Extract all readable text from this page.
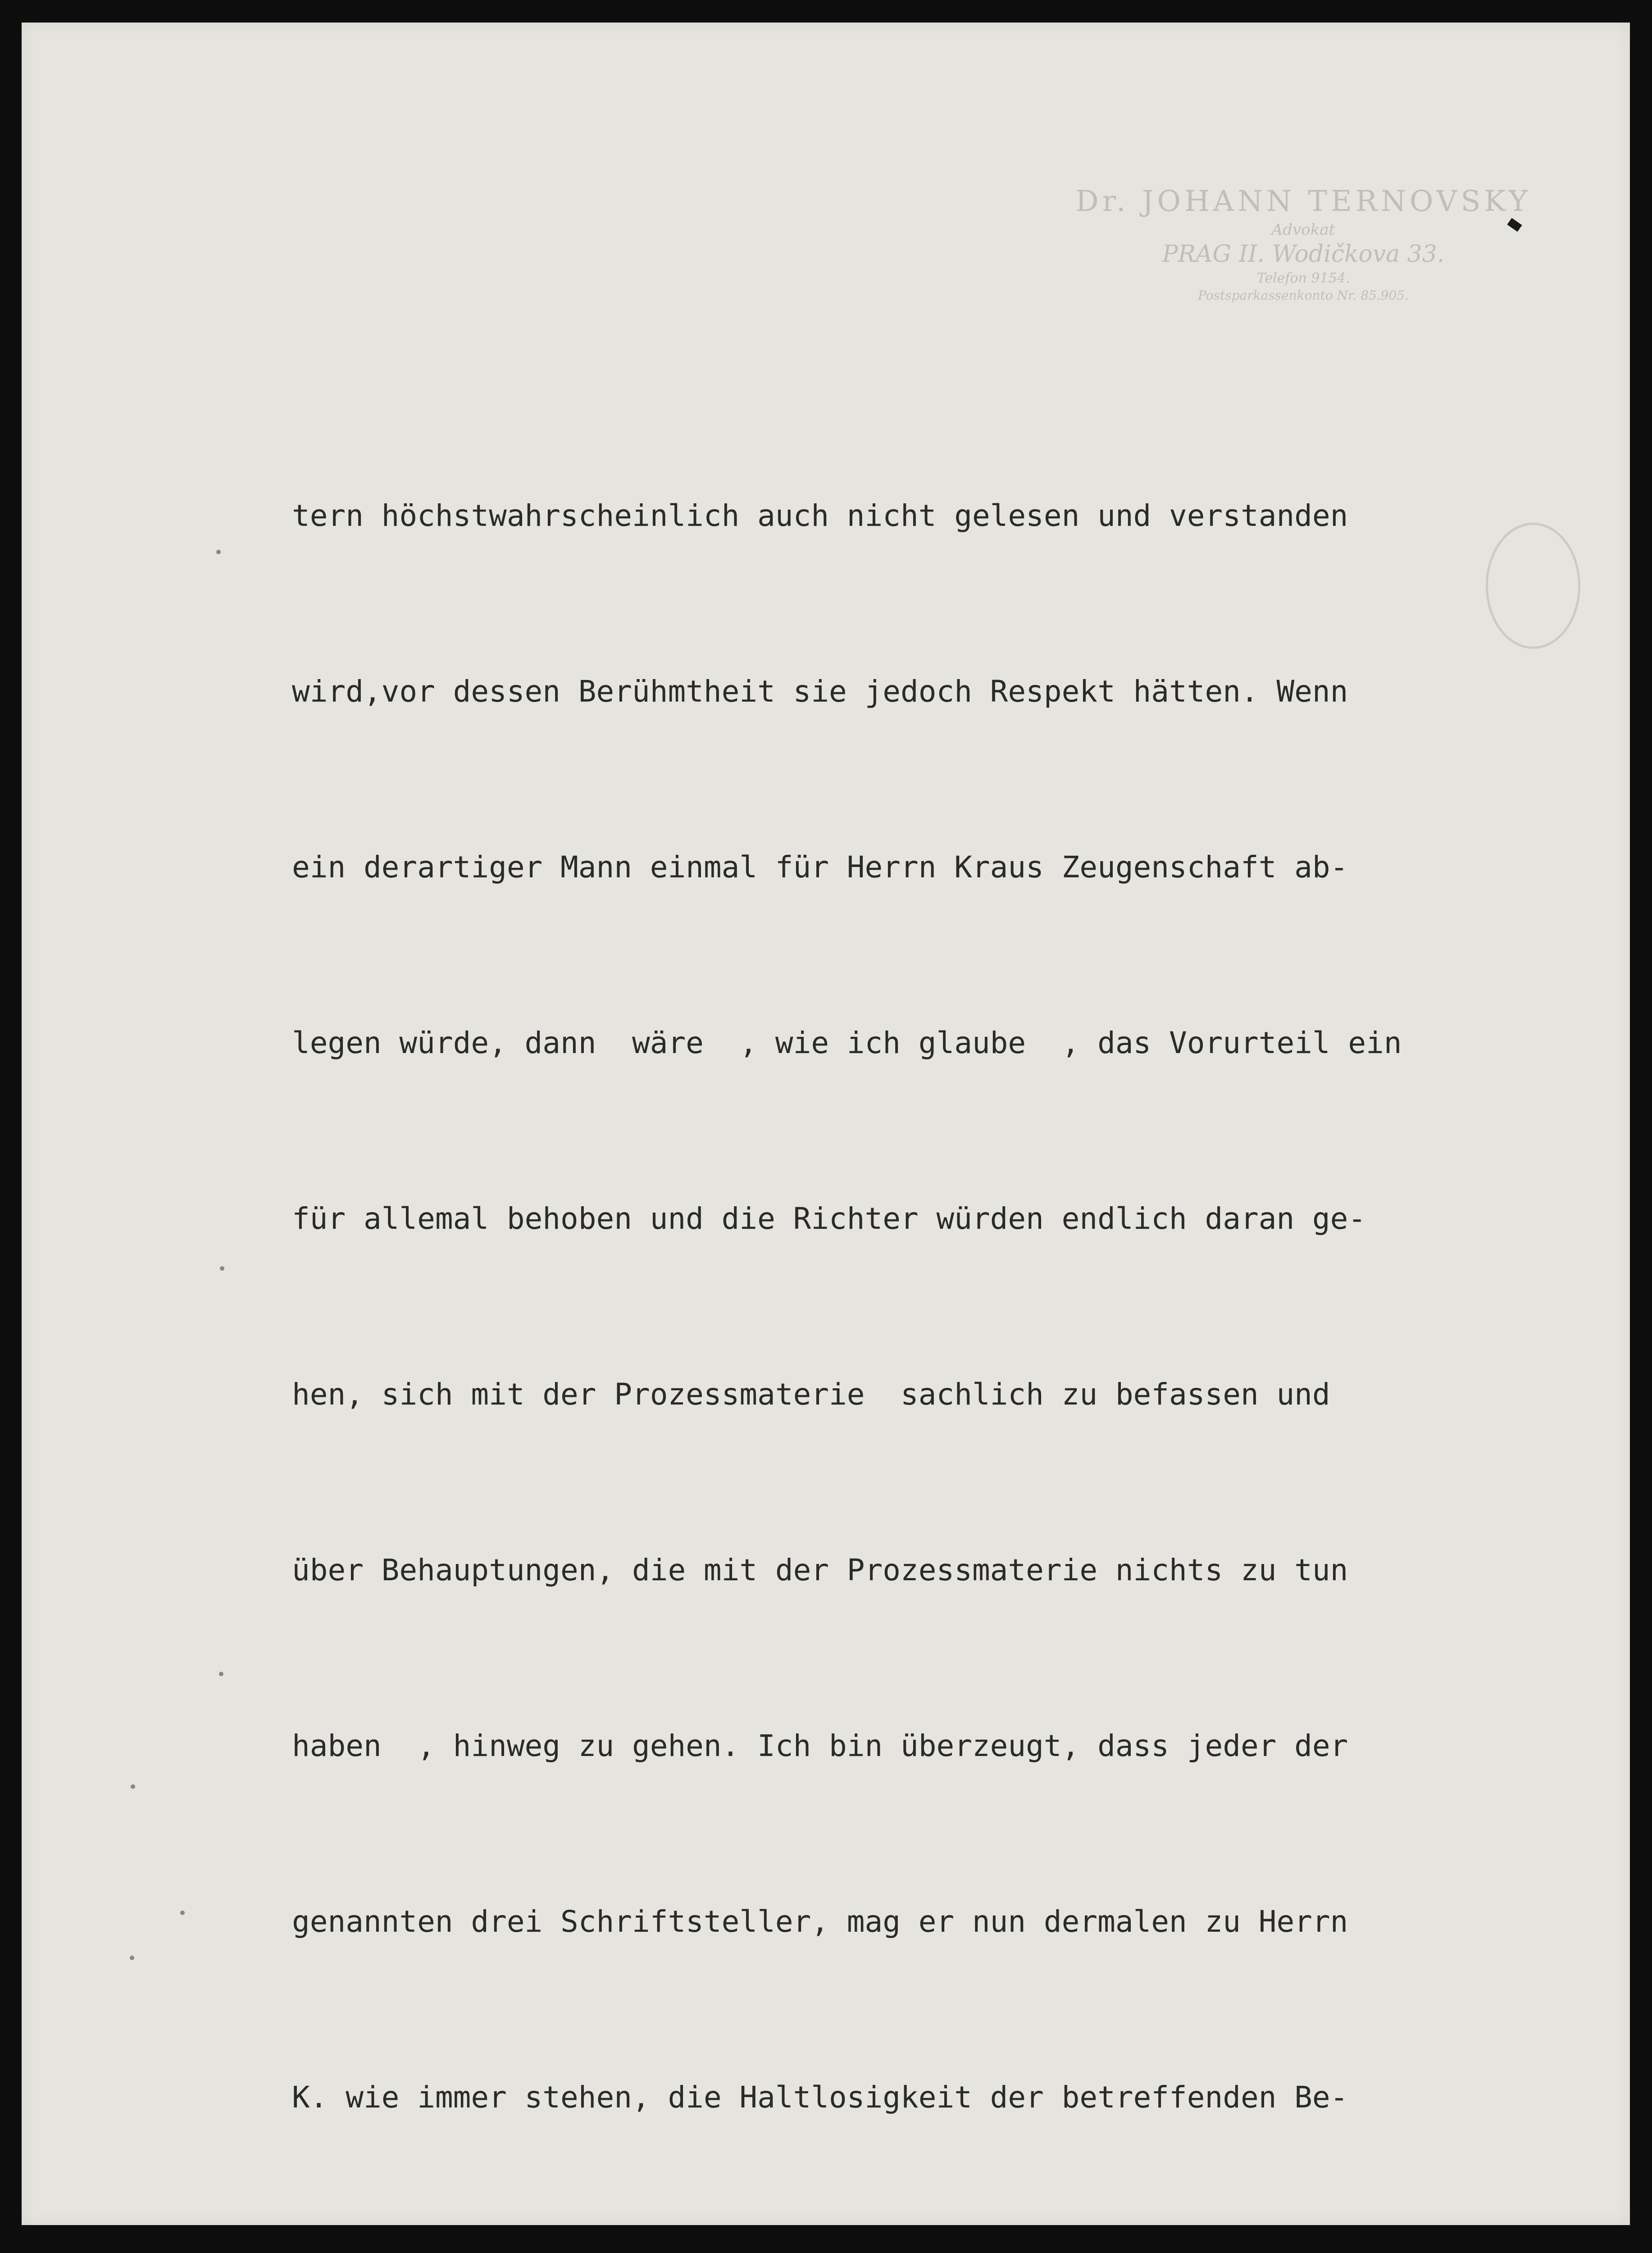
Dr. JOHANN TERNOVSKY
Advokat
PRAG II. Wodičkova 33.
Telefon 9154.
Postsparkassenkonto Nr. 85.905.

tern höchstwahrscheinlich auch nicht gelesen und verstanden

wird,vor dessen Berühmtheit sie jedoch Respekt hätten. Wenn

ein derartiger Mann einmal für Herrn Kraus Zeugenschaft ab-

legen würde, dann  wäre  , wie ich glaube  , das Vorurteil ein

für allemal behoben und die Richter würden endlich daran ge-

hen, sich mit der Prozessmaterie  sachlich zu befassen und

über Behauptungen, die mit der Prozessmaterie nichts zu tun

haben  , hinweg zu gehen. Ich bin überzeugt, dass jeder der

genannten drei Schriftsteller, mag er nun dermalen zu Herrn

K. wie immer stehen, die Haltlosigkeit der betreffenden Be-
